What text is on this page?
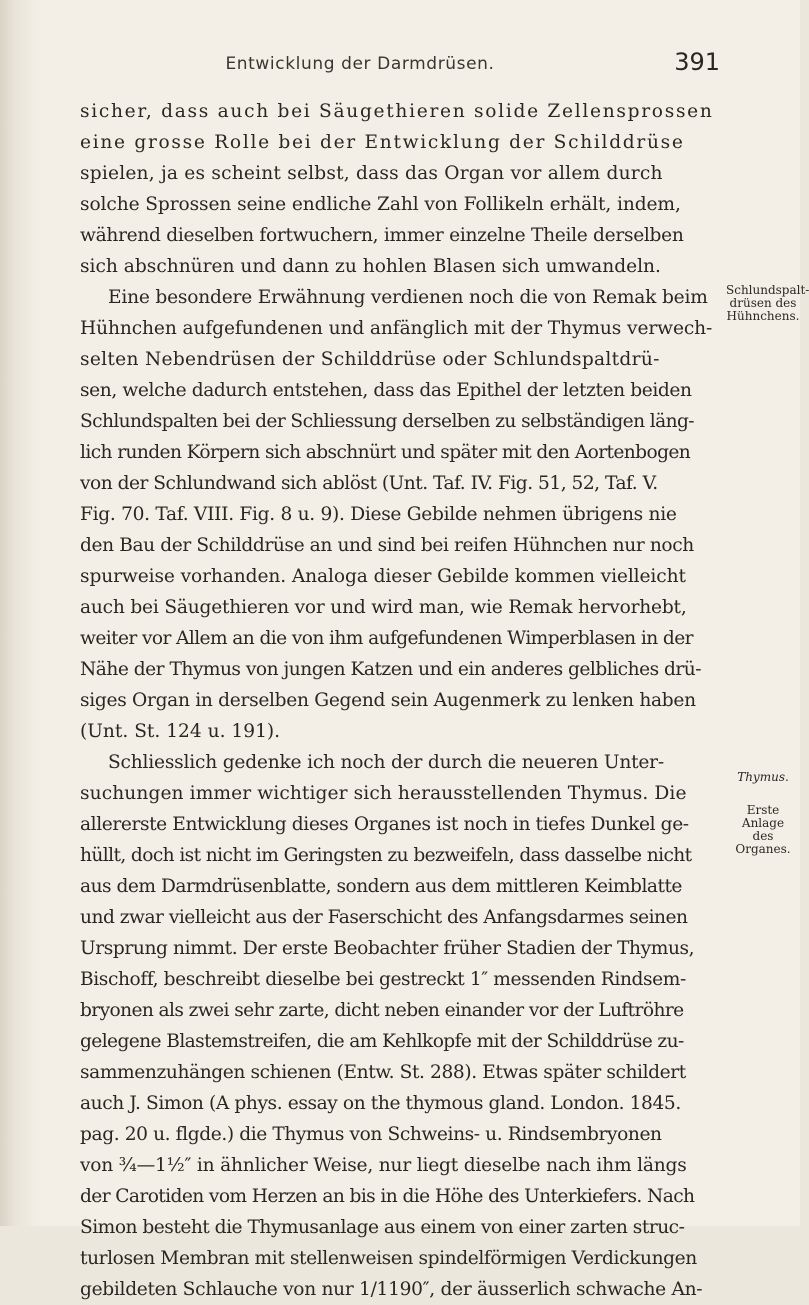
Entwicklung der Darmdrüsen.	391
sicher, dass auch bei Säugethieren solide Zellensprossen
eine grosse Rolle bei der Entwicklung der Schilddrüse
spielen, ja es scheint selbst, dass das Organ vor allem durch
solche Sprossen seine endliche Zahl von Follikeln erhält, indem,
während dieselben fortwuchern, immer einzelne Theile derselben
sich abschnüren und dann zu hohlen Blasen sich umwandeln.
Eine besondere Erwähnung verdienen noch die von Remak beim
Hühnchen aufgefundenen und anfänglich mit der Thymus verwech-
selten Nebendrüsen der Schilddrüse oder Schlundspaltdrü-
sen, welche dadurch entstehen, dass das Epithel der letzten beiden
Schlundspalten bei der Schliessung derselben zu selbständigen läng-
lich runden Körpern sich abschnürt und später mit den Aortenbogen
von der Schlundwand sich ablöst (Unt. Taf. IV. Fig. 51, 52, Taf. V.
Fig. 70. Taf. VIII. Fig. 8 u. 9). Diese Gebilde nehmen übrigens nie
den Bau der Schilddrüse an und sind bei reifen Hühnchen nur noch
spurweise vorhanden. Analoga dieser Gebilde kommen vielleicht
auch bei Säugethieren vor und wird man, wie Remak hervorhebt,
weiter vor Allem an die von ihm aufgefundenen Wimperblasen in der
Nähe der Thymus von jungen Katzen und ein anderes gelbliches drü-
siges Organ in derselben Gegend sein Augenmerk zu lenken haben
(Unt. St. 124 u. 191).
Schliesslich gedenke ich noch der durch die neueren Unter-
suchungen immer wichtiger sich herausstellenden Thymus. Die
allererste Entwicklung dieses Organes ist noch in tiefes Dunkel ge-
hüllt, doch ist nicht im Geringsten zu bezweifeln, dass dasselbe nicht
aus dem Darmdrüsenblatte, sondern aus dem mittleren Keimblatte
und zwar vielleicht aus der Faserschicht des Anfangsdarmes seinen
Ursprung nimmt. Der erste Beobachter früher Stadien der Thymus,
Bischoff, beschreibt dieselbe bei gestreckt 1″ messenden Rindsem-
bryonen als zwei sehr zarte, dicht neben einander vor der Luftröhre
gelegene Blastemstreifen, die am Kehlkopfe mit der Schilddrüse zu-
sammenzuhängen schienen (Entw. St. 288). Etwas später schildert
auch J. Simon (A phys. essay on the thymous gland. London. 1845.
pag. 20 u. flgde.) die Thymus von Schweins- u. Rindsembryonen
von ¾—1½″ in ähnlicher Weise, nur liegt dieselbe nach ihm längs
der Carotiden vom Herzen an bis in die Höhe des Unterkiefers. Nach
Simon besteht die Thymusanlage aus einem von einer zarten struc-
turlosen Membran mit stellenweisen spindelförmigen Verdickungen
gebildeten Schlauche von nur 1/1190″, der äusserlich schwache An-
Schlundspalt-
drüsen des
Hühnchens.
Thymus.
Erste Anlage
des Organes.
